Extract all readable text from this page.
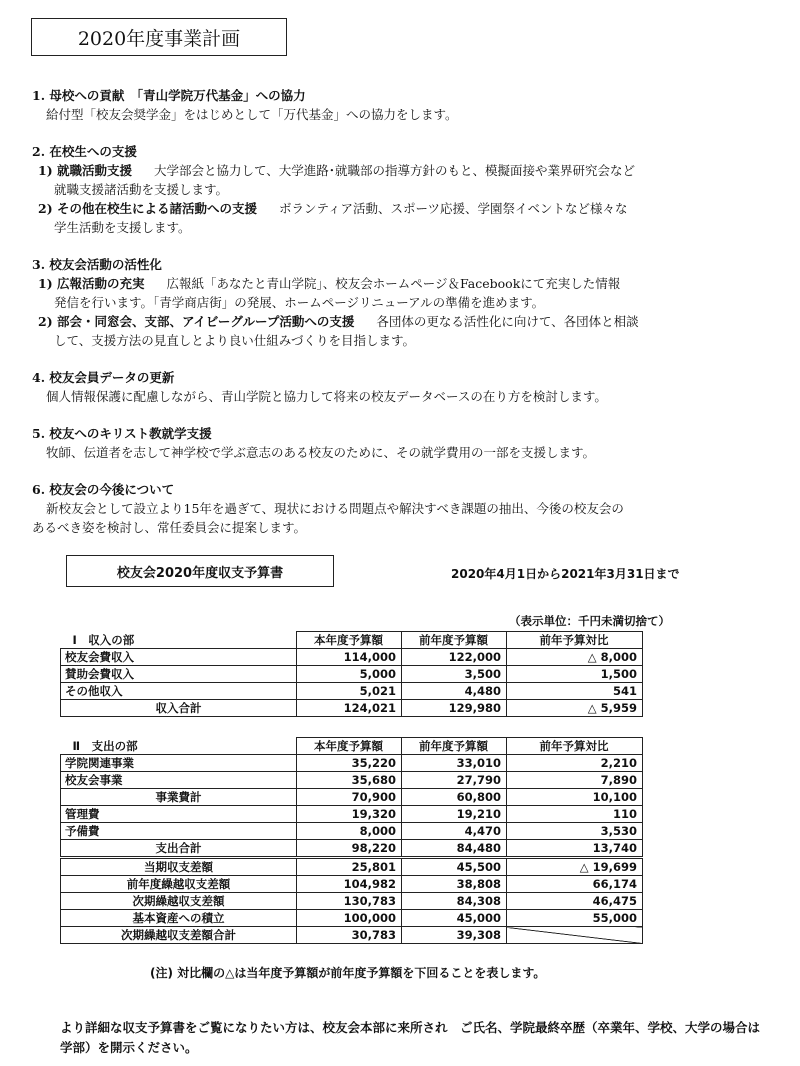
2020年度事業計画
1. 母校への貢献　「青山学院万代基金」への協力
給付型「校友会奨学金」をはじめとして「万代基金」への協力をします。
2. 在校生への支援
1) 就職活動支援 大学部会と協力して、大学進路･就職部の指導方針のもと、模擬面接や業界研究会など
就職支援諸活動を支援します。
2) その他在校生による諸活動への支援 ボランティア活動、スポーツ応援、学園祭イベントなど様々な
学生活動を支援します。
3. 校友会活動の活性化
1) 広報活動の充実 広報紙「あなたと青山学院」、校友会ホームページ＆Facebookにて充実した情報
発信を行います。「青学商店街」の発展、ホームページリニューアルの準備を進めます。
2) 部会・同窓会、支部、アイビーグループ活動への支援 各団体の更なる活性化に向けて、各団体と相談
して、支援方法の見直しとより良い仕組みづくりを目指します。
4. 校友会員データの更新
個人情報保護に配慮しながら、青山学院と協力して将来の校友データベースの在り方を検討します。
5. 校友へのキリスト教就学支援
牧師、伝道者を志して神学校で学ぶ意志のある校友のために、その就学費用の一部を支援します。
6. 校友会の今後について
新校友会として設立より15年を過ぎて、現状における問題点や解決すべき課題の抽出、今後の校友会の
あるべき姿を検討し、常任委員会に提案します。
校友会2020年度収支予算書	2020年4月1日から2021年3月31日まで
（表示単位：千円未満切捨て）
Ⅰ　収入の部	本年度予算額	前年度予算額	前年予算対比
校友会費収入	114,000	122,000	△ 8,000
賛助会費収入	5,000	3,500	1,500
その他収入	5,021	4,480	541
収入合計	124,021	129,980	△ 5,959
Ⅱ　支出の部	本年度予算額	前年度予算額	前年予算対比
学院関連事業	35,220	33,010	2,210
校友会事業	35,680	27,790	7,890
事業費計	70,900	60,800	10,100
管理費	19,320	19,210	110
予備費	8,000	4,470	3,530
支出合計	98,220	84,480	13,740
当期収支差額	25,801	45,500	△ 19,699
前年度繰越収支差額	104,982	38,808	66,174
次期繰越収支差額	130,783	84,308	46,475
基本資産への積立	100,000	45,000	55,000
次期繰越収支差額合計	30,783	39,308	
(注) 対比欄の△は当年度予算額が前年度予算額を下回ることを表します。
より詳細な収支予算書をご覧になりたい方は、校友会本部に来所され　ご氏名、学院最終卒歴（卒業年、学校、大学の場合は学部）を開示ください。
